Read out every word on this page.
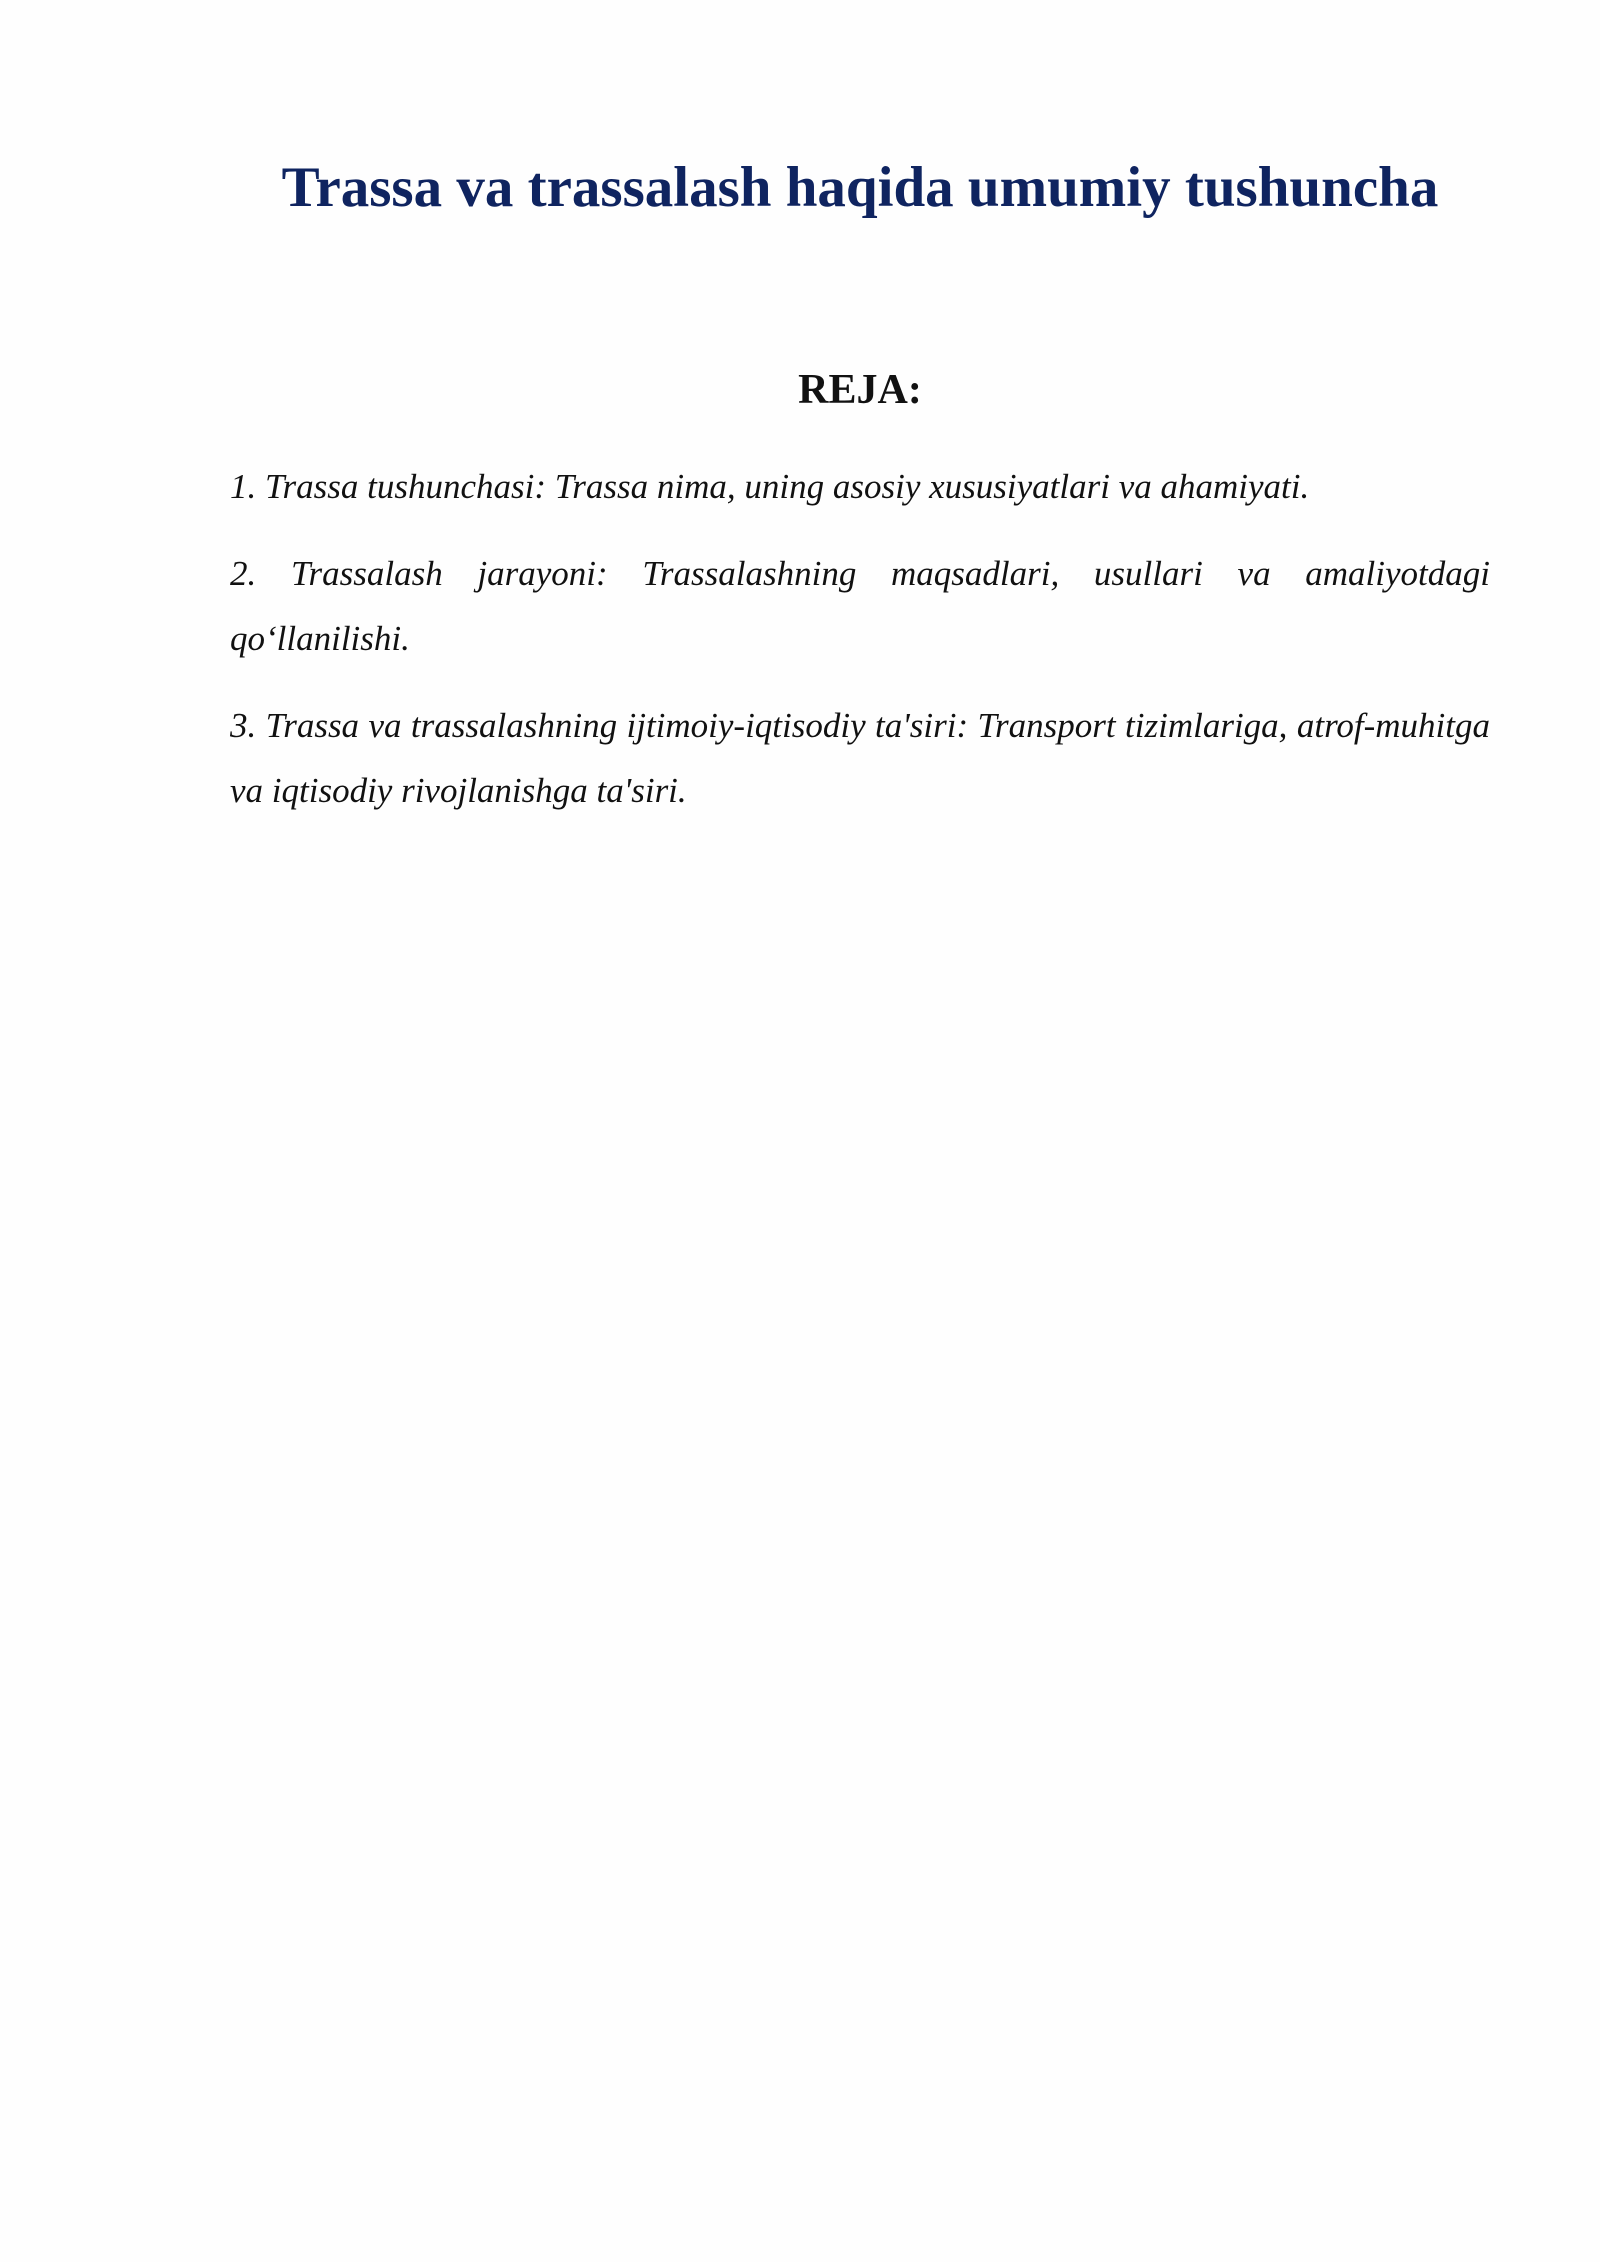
Trassa va trassalash haqida umumiy tushuncha
REJA:
1. Trassa tushunchasi: Trassa nima, uning asosiy xususiyatlari va ahamiyati.
2. Trassalash jarayoni: Trassalashning maqsadlari, usullari va amaliyotdagi qo‘llanilishi.
3. Trassa va trassalashning ijtimoiy-iqtisodiy ta'siri: Transport tizimlariga, atrof-muhitga va iqtisodiy rivojlanishga ta'siri.
